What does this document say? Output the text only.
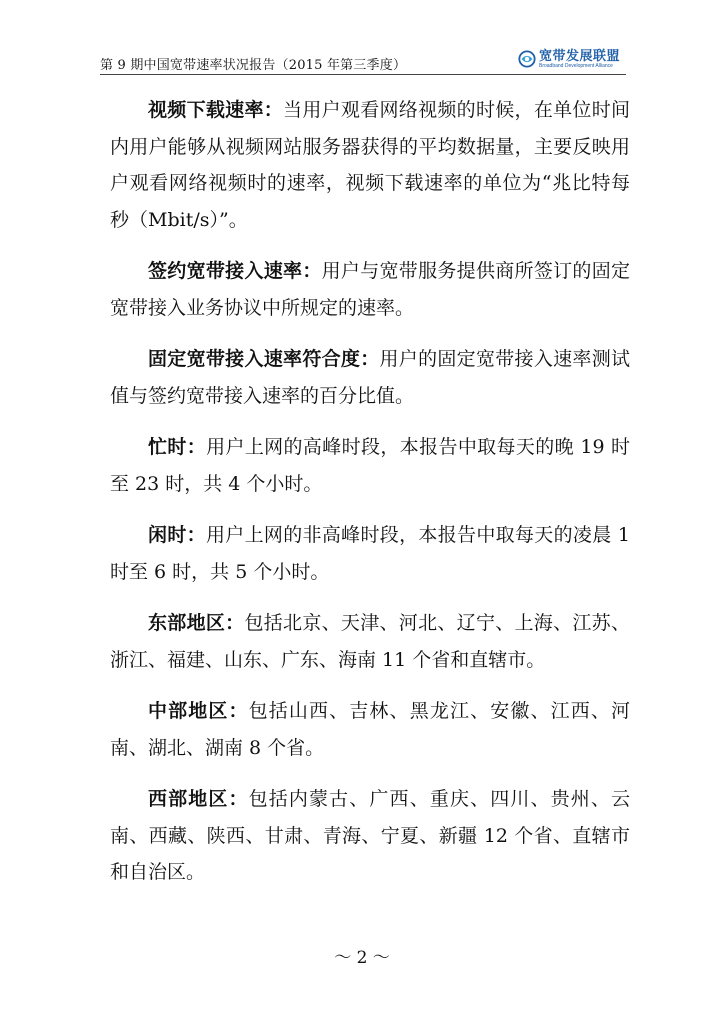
第 9 期中国宽带速率状况报告（2015 年第三季度）
宽带发展联盟
Broadband Development Alliance

视频下载速率：当用户观看网络视频的时候，在单位时间内用户能够从视频网站服务器获得的平均数据量，主要反映用户观看网络视频时的速率，视频下载速率的单位为“兆比特每秒（Mbit/s）”。

签约宽带接入速率：用户与宽带服务提供商所签订的固定宽带接入业务协议中所规定的速率。

固定宽带接入速率符合度：用户的固定宽带接入速率测试值与签约宽带接入速率的百分比值。

忙时：用户上网的高峰时段，本报告中取每天的晚 19 时至 23 时，共 4 个小时。

闲时：用户上网的非高峰时段，本报告中取每天的凌晨 1 时至 6 时，共 5 个小时。

东部地区：包括北京、天津、河北、辽宁、上海、江苏、浙江、福建、山东、广东、海南 11 个省和直辖市。

中部地区：包括山西、吉林、黑龙江、安徽、江西、河南、湖北、湖南 8 个省。

西部地区：包括内蒙古、广西、重庆、四川、贵州、云南、西藏、陕西、甘肃、青海、宁夏、新疆 12 个省、直辖市和自治区。

～ 2 ～
